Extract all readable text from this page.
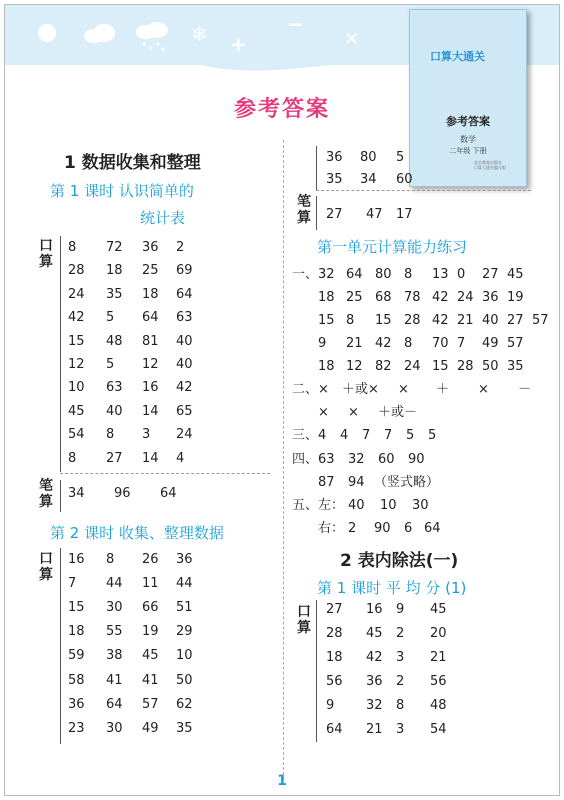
❄ +
−
×
口算大通关
参考答案
数学
二年级 下册
北京教育出版社
口算大通关编写组
参考答案
1 数据收集和整理
第 1 课时 认识简单的
统计表
口算
8 72 36 2
28 18 25 69
24 35 18 64
42 5 64 63
15 48 81 40
12 5 12 40
10 63 16 42
45 40 14 65
54 8 3 24
8 27 14 4
笔算
34 96 64
第 2 课时 收集、整理数据
口算
16 8 26 36
7 44 11 44
15 30 66 51
18 55 19 29
59 38 45 10
58 41 41 50
36 64 57 62
23 30 49 35
36 80 5
35 34 60
笔算 27 47 17
第一单元计算能力练习
一、 32 64 80 8 13 0 27 45
18 25 68 78 42 24 36 19
15 8 15 28 42 21 40 27 57
9 21 42 8 70 7 49 57
18 12 82 24 15 28 50 35
二、 × ＋或× × ＋ × －
× × ＋或－
三、 4 4 7 7 5 5
四、 63 32 60 90
87 94 （竖式略）
五、 左： 40 10 30
右： 2 90 6 64
2 表内除法(一)
第 1 课时 平 均 分 (1)
口算
27 16 9 45
28 45 2 20
18 42 3 21
56 36 2 56
9 32 8 48
64 21 3 54
1
